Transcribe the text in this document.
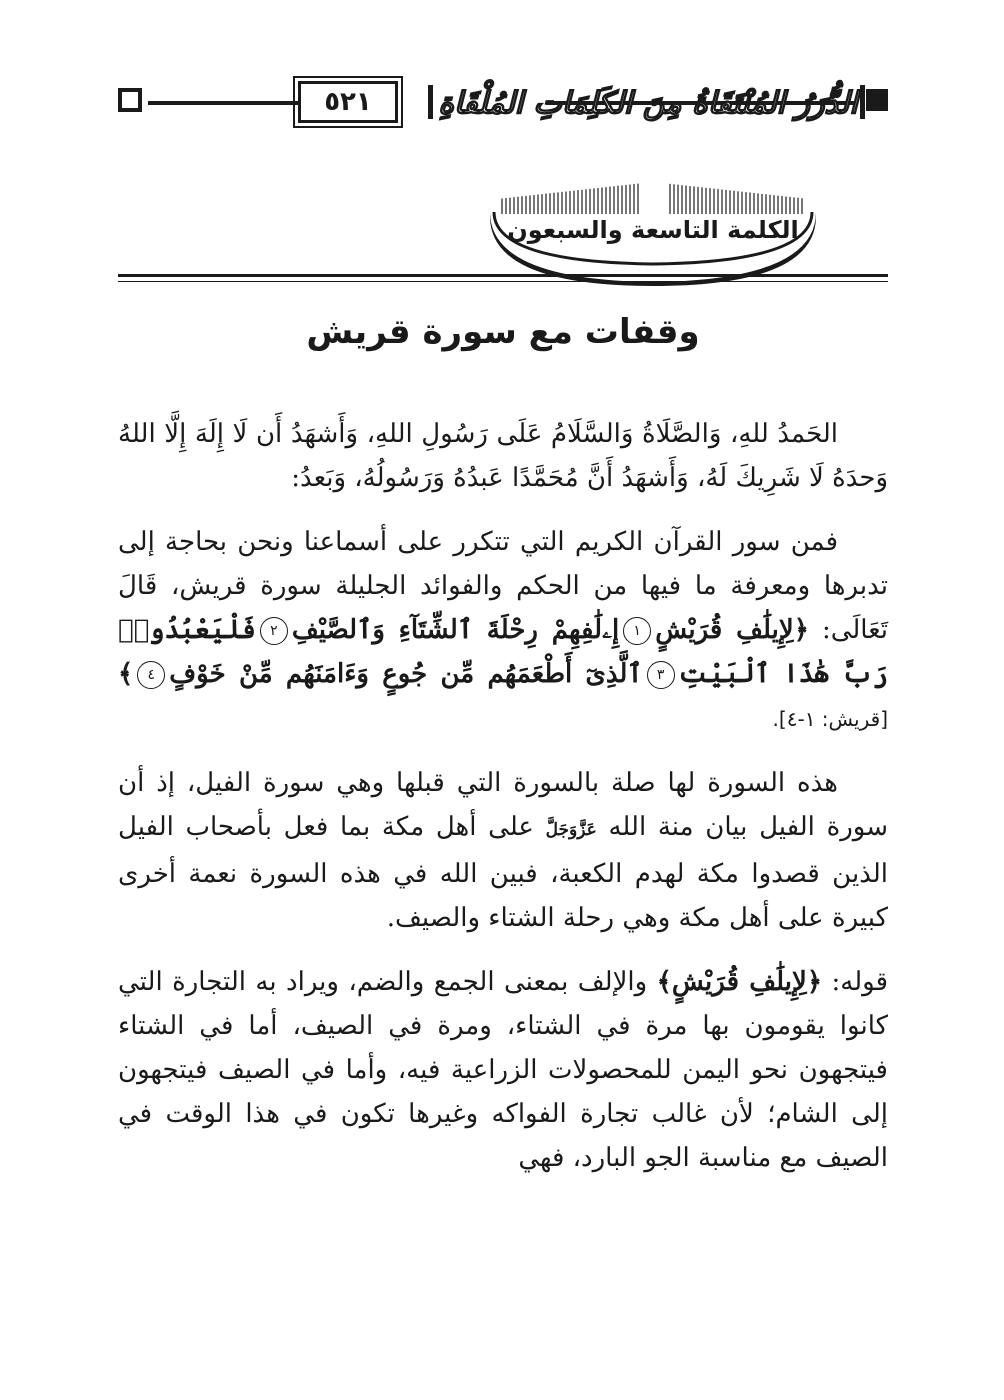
٥٢١	الدُّرَرُ المُنْتَقَاةُ مِنَ الكَلِمَاتِ المُلْقَاةِ
الكلمة التاسعة والسبعون
وقفات مع سورة قريش

الحَمدُ للهِ، وَالصَّلَاةُ وَالسَّلَامُ عَلَى رَسُولِ اللهِ، وَأَشهَدُ أَن لَا إِلَهَ إِلَّا اللهُ وَحدَهُ لَا شَرِيكَ لَهُ، وَأَشهَدُ أَنَّ مُحَمَّدًا عَبدُهُ وَرَسُولُهُ، وَبَعدُ:

فمن سور القرآن الكريم التي تتكرر على أسماعنا ونحن بحاجة إلى تدبرها ومعرفة ما فيها من الحكم والفوائد الجليلة سورة قريش، قَالَ تَعَالَى: ﴿لِإِيلَٰفِ قُرَيْشٍ١إِۦلَٰفِهِمْ رِحْلَةَ ٱلشِّتَآءِ وَٱلصَّيْفِ٢فَلْيَعْبُدُوا۟ رَبَّ هَٰذَا ٱلْبَيْتِ٣ٱلَّذِىٓ أَطْعَمَهُم مِّن جُوعٍ وَءَامَنَهُم مِّنْ خَوْفٍ٤﴾ [قريش: ١-٤].

هذه السورة لها صلة بالسورة التي قبلها وهي سورة الفيل، إذ أن سورة الفيل بيان منة الله عَزَّوَجَلَّ على أهل مكة بما فعل بأصحاب الفيل الذين قصدوا مكة لهدم الكعبة، فبين الله في هذه السورة نعمة أخرى كبيرة على أهل مكة وهي رحلة الشتاء والصيف.

قوله: ﴿لِإِيلَٰفِ قُرَيْشٍ﴾ والإلف بمعنى الجمع والضم، ويراد به التجارة التي كانوا يقومون بها مرة في الشتاء، ومرة في الصيف، أما في الشتاء فيتجهون نحو اليمن للمحصولات الزراعية فيه، وأما في الصيف فيتجهون إلى الشام؛ لأن غالب تجارة الفواكه وغيرها تكون في هذا الوقت في الصيف مع مناسبة الجو البارد، فهي
